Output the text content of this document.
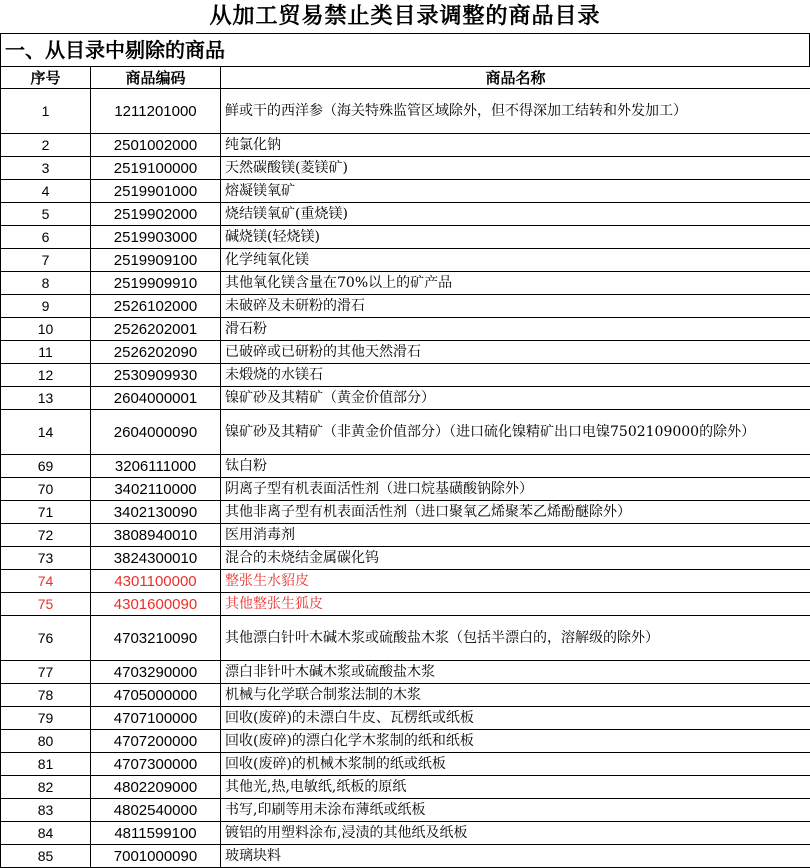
从加工贸易禁止类目录调整的商品目录
一、从目录中剔除的商品
序号	商品编码	商品名称
1	1211201000	鲜或干的西洋参（海关特殊监管区域除外，但不得深加工结转和外发加工）
2	2501002000	纯氯化钠
3	2519100000	天然碳酸镁(菱镁矿)
4	2519901000	熔凝镁氧矿
5	2519902000	烧结镁氧矿(重烧镁)
6	2519903000	碱烧镁(轻烧镁)
7	2519909100	化学纯氧化镁
8	2519909910	其他氧化镁含量在70%以上的矿产品
9	2526102000	未破碎及未研粉的滑石
10	2526202001	滑石粉
11	2526202090	已破碎或已研粉的其他天然滑石
12	2530909930	未煅烧的水镁石
13	2604000001	镍矿砂及其精矿（黄金价值部分）
14	2604000090	镍矿砂及其精矿（非黄金价值部分）（进口硫化镍精矿出口电镍7502109000的除外）
69	3206111000	钛白粉
70	3402110000	阴离子型有机表面活性剂（进口烷基磺酸钠除外）
71	3402130090	其他非离子型有机表面活性剂（进口聚氧乙烯聚苯乙烯酚醚除外）
72	3808940010	医用消毒剂
73	3824300010	混合的未烧结金属碳化钨
74	4301100000	整张生水貂皮
75	4301600090	其他整张生狐皮
76	4703210090	其他漂白针叶木碱木浆或硫酸盐木浆（包括半漂白的，溶解级的除外）
77	4703290000	漂白非针叶木碱木浆或硫酸盐木浆
78	4705000000	机械与化学联合制浆法制的木浆
79	4707100000	回收(废碎)的未漂白牛皮、瓦楞纸或纸板
80	4707200000	回收(废碎)的漂白化学木浆制的纸和纸板
81	4707300000	回收(废碎)的机械木浆制的纸或纸板
82	4802209000	其他光,热,电敏纸,纸板的原纸
83	4802540000	书写,印刷等用未涂布薄纸或纸板
84	4811599100	镀铝的用塑料涂布,浸渍的其他纸及纸板
85	7001000090	玻璃块料
